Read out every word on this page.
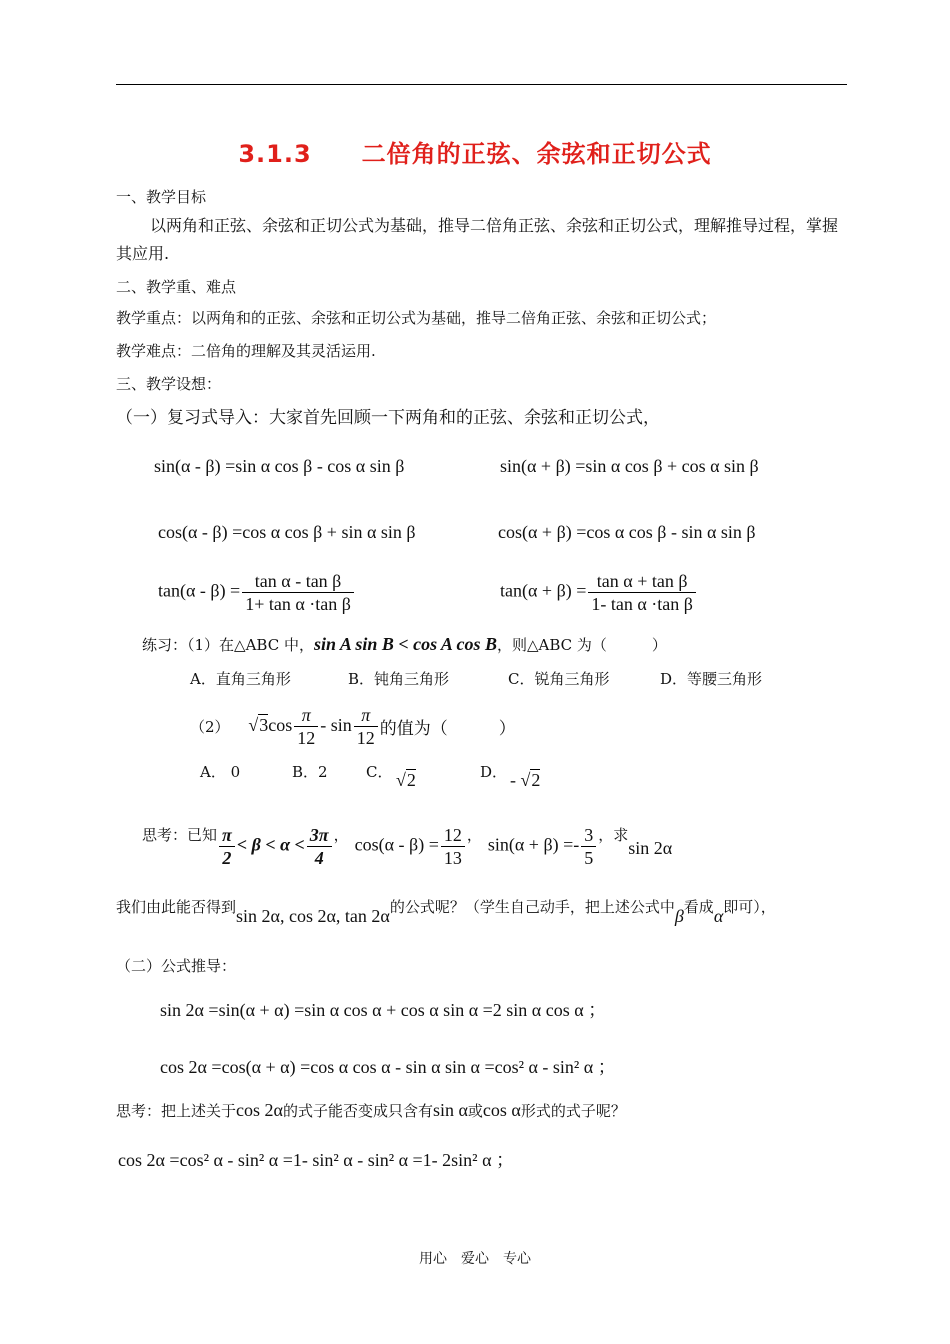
3.1.3　　二倍角的正弦、余弦和正切公式
一、教学目标
以两角和正弦、余弦和正切公式为基础，推导二倍角正弦、余弦和正切公式，理解推导过程，掌握其应用.
二、教学重、难点
教学重点：以两角和的正弦、余弦和正切公式为基础，推导二倍角正弦、余弦和正切公式；
教学难点：二倍角的理解及其灵活运用.
三、教学设想：
（一）复习式导入：大家首先回顾一下两角和的正弦、余弦和正切公式，
sin(α - β) =sin α cos β - cos α sin β	sin(α + β) =sin α cos β + cos α sin β
cos(α - β) =cos α cos β + sin α sin β	cos(α + β) =cos α cos β - sin α sin β
$\tan(\alpha - \beta) = \frac{\text{tan α - tan β}}{\text{1+ tan α ·tan β}}$	$\tan(\alpha + \beta) = \frac{\text{tan α + tan β}}{\text{1- tan α ·tan β}}$
练习：（1）在△ABC 中，sin A sin B < cos A cos B，则△ABC 为（　　　）
A．直角三角形	B．钝角三角形	C．锐角三角形	D．等腰三角形
（2） $√3\cos \frac{\pi}{12}$ - $\sin \frac{\pi}{12}$ 的值为（　　　）
A． 0	B．2	C． √2	D． - √2
思考：已知 $\frac{\pi}{2} < \beta < \alpha < \frac{3\pi}{4}$ ， $\cos(\alpha - \beta) = \frac{12}{13}$ ， $\sin(\alpha + \beta) =- \frac{3}{5}$ ，求sin 2α
我们由此能否得到sin 2α, cos 2α, tan 2α的公式呢？（学生自己动手，把上述公式中β看成α即可），
（二）公式推导：
sin 2α =sin(α + α) =sin α cos α + cos α sin α =2 sin α cos α ；
cos 2α =cos(α + α) =cos α cos α - sin α sin α =cos² α - sin² α ；
思考：把上述关于cos 2α的式子能否变成只含有sin α或cos α形式的式子呢？
cos 2α =cos² α - sin² α =1- sin² α - sin² α =1- 2sin² α ；
用心　爱心　专心
